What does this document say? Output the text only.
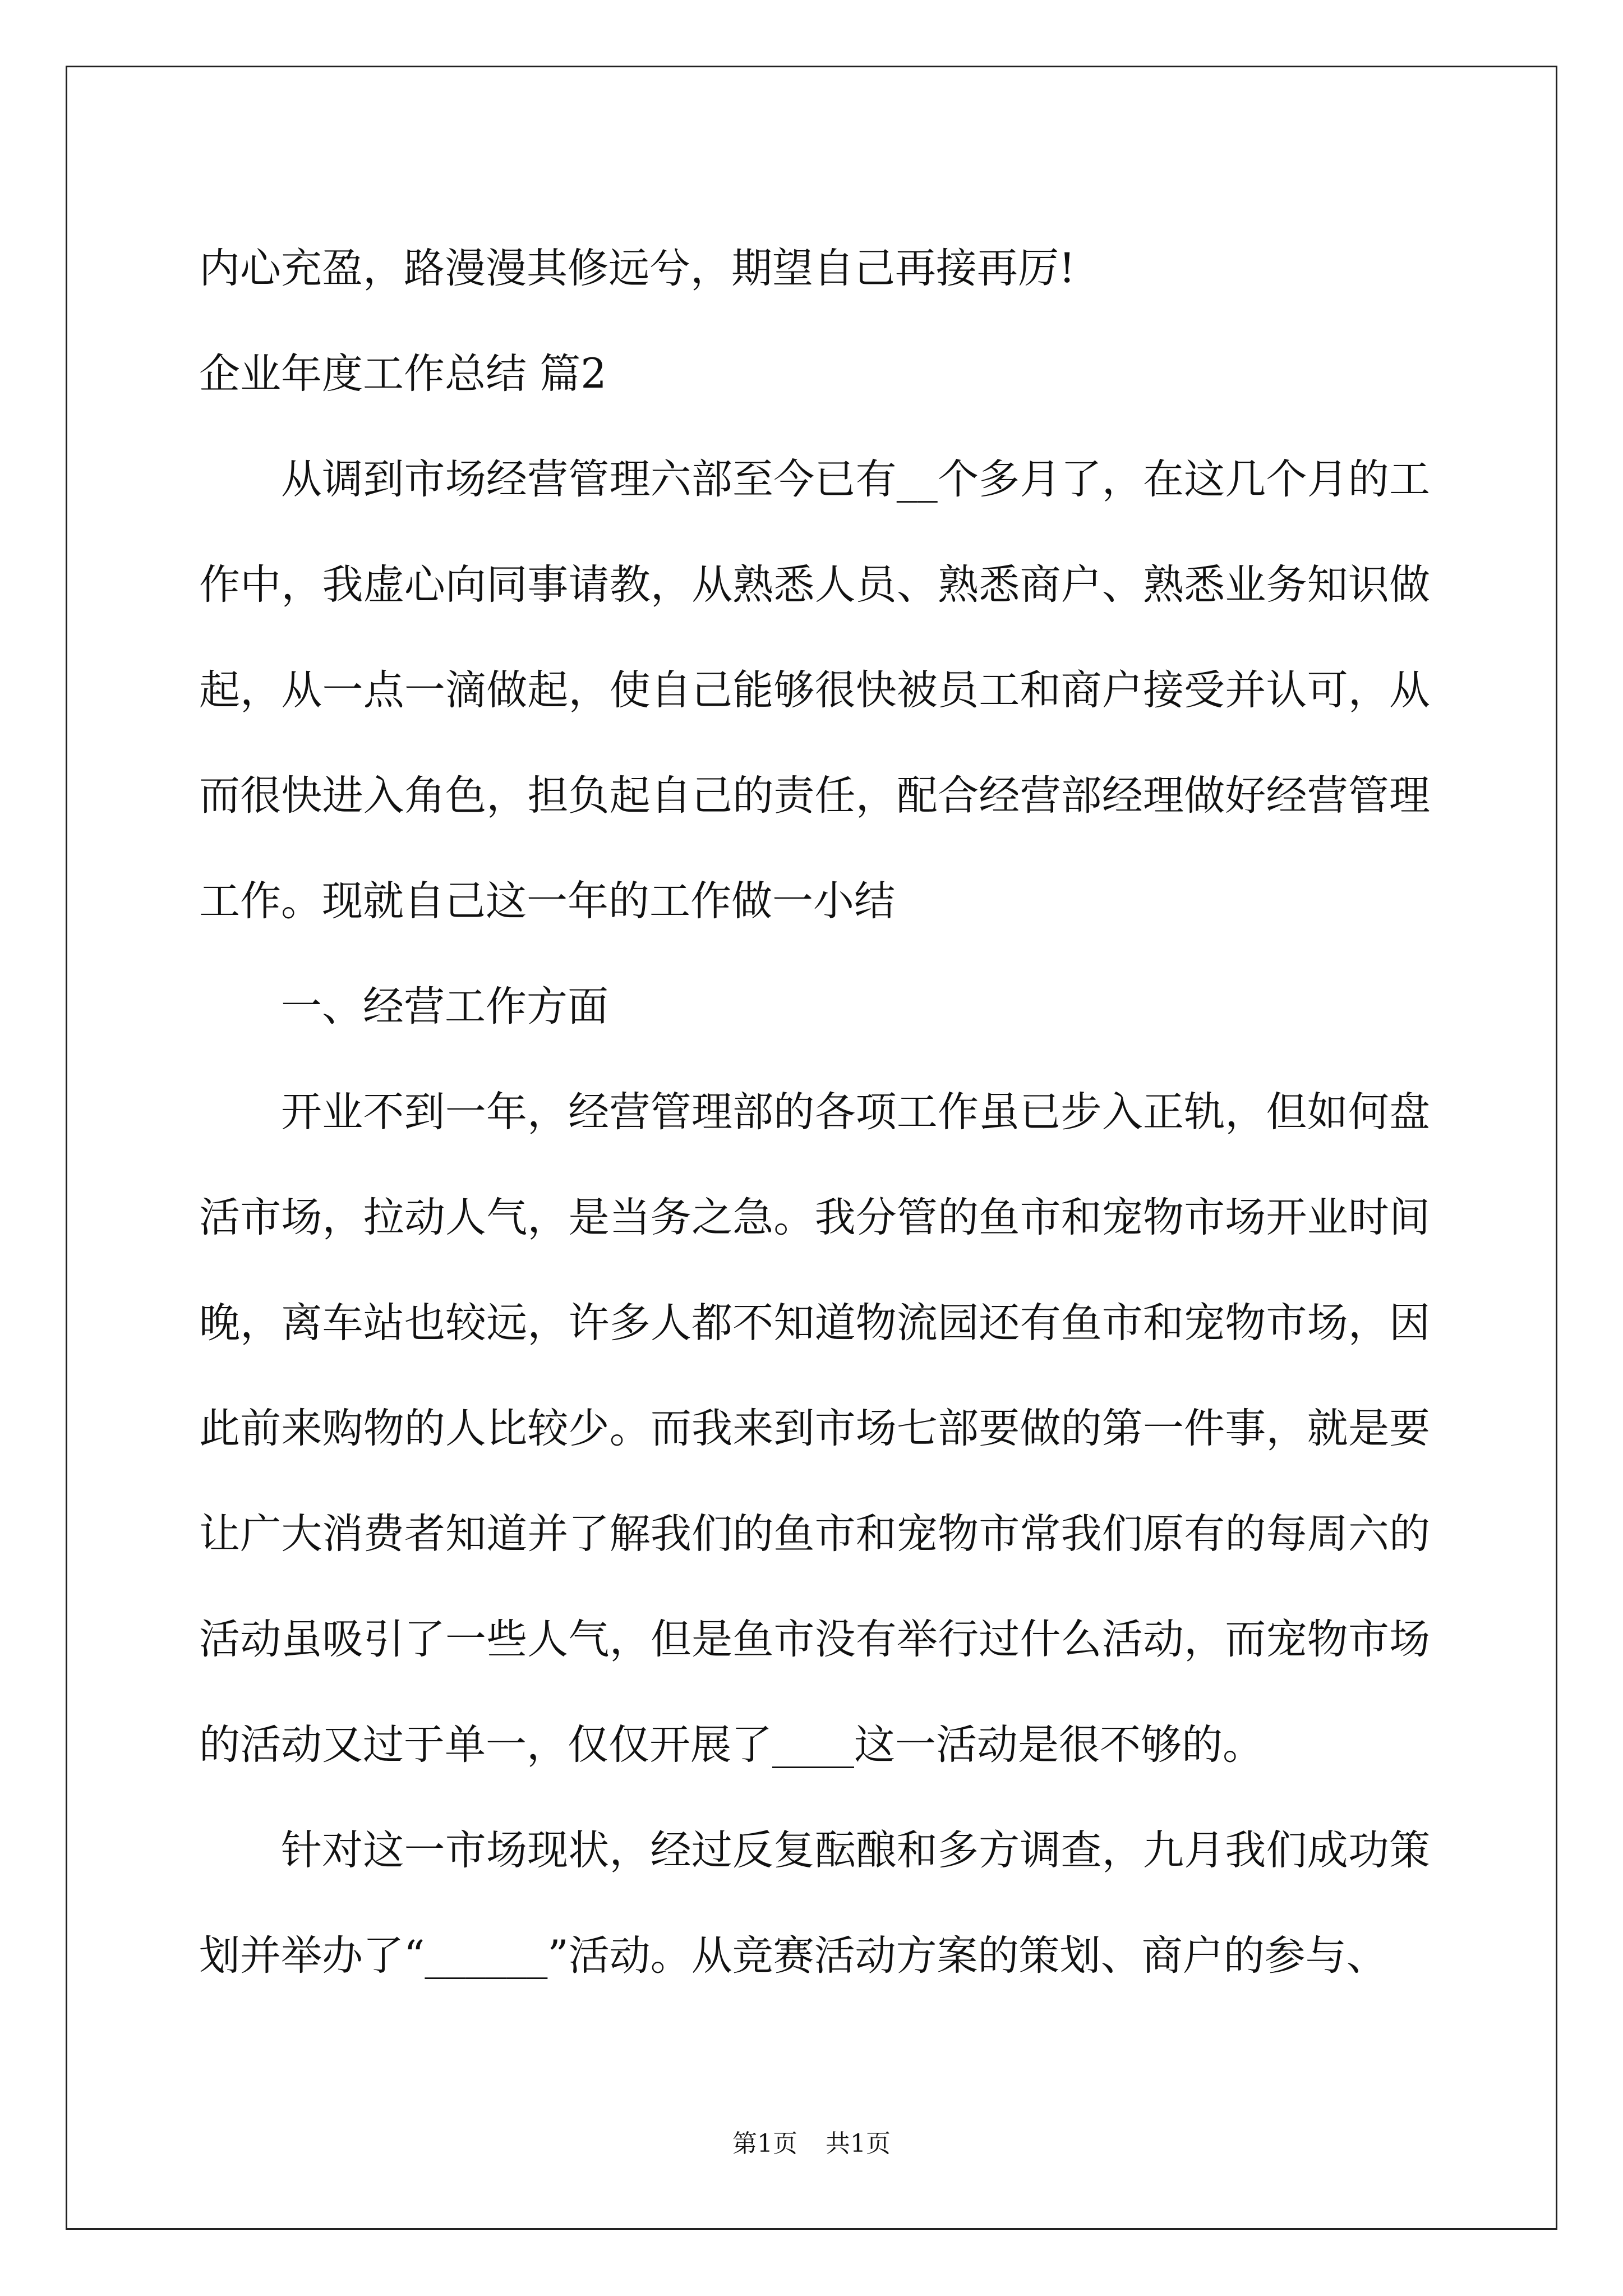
内心充盈，路漫漫其修远兮，期望自己再接再厉!

企业年度工作总结 篇2

从调到市场经营管理六部至今已有__个多月了，在这几个月的工作中，我虚心向同事请教，从熟悉人员、熟悉商户、熟悉业务知识做起，从一点一滴做起，使自己能够很快被员工和商户接受并认可，从而很快进入角色，担负起自己的责任，配合经营部经理做好经营管理工作。现就自己这一年的工作做一小结

一、经营工作方面

开业不到一年，经营管理部的各项工作虽已步入正轨，但如何盘活市场，拉动人气，是当务之急。我分管的鱼市和宠物市场开业时间晚，离车站也较远，许多人都不知道物流园还有鱼市和宠物市场，因此前来购物的人比较少。而我来到市场七部要做的第一件事，就是要让广大消费者知道并了解我们的鱼市和宠物市常我们原有的每周六的活动虽吸引了一些人气，但是鱼市没有举行过什么活动，而宠物市场的活动又过于单一，仅仅开展了____这一活动是很不够的。

针对这一市场现状，经过反复酝酿和多方调查，九月我们成功策划并举办了“______”活动。从竞赛活动方案的策划、商户的参与、

第1页 共1页
